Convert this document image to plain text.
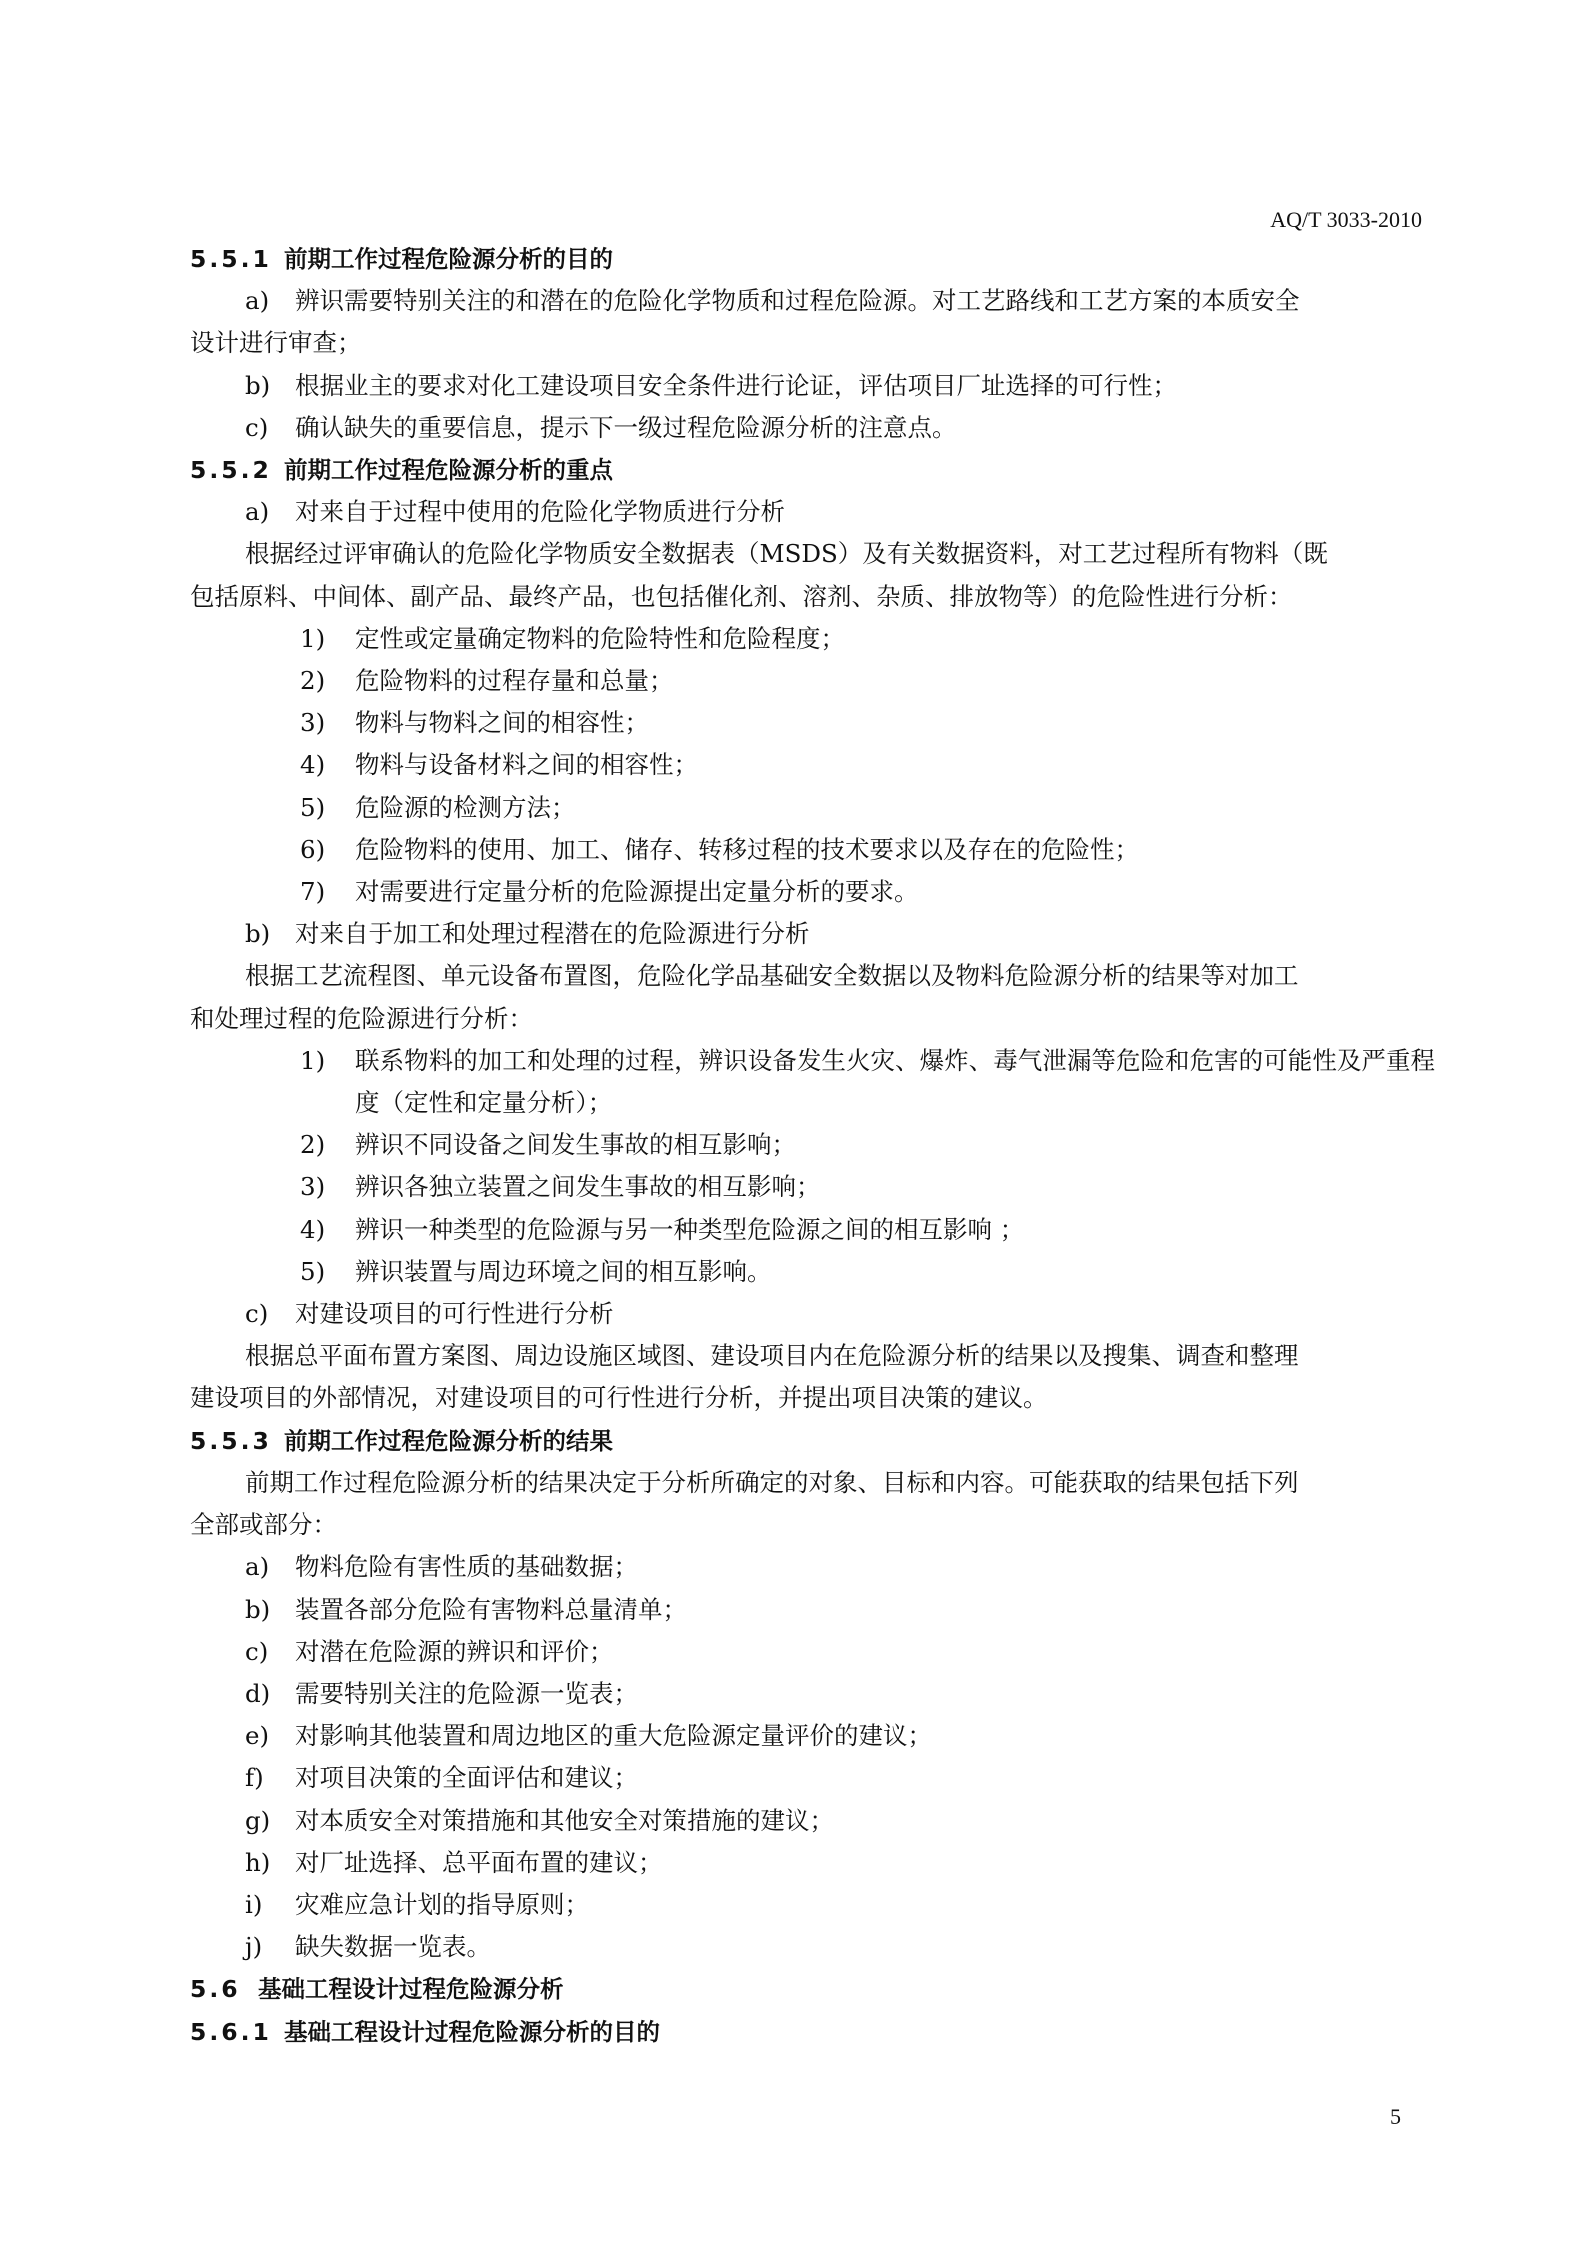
AQ/T 3033-2010
5.5.1 前期工作过程危险源分析的目的
a) 辨识需要特别关注的和潜在的危险化学物质和过程危险源。对工艺路线和工艺方案的本质安全
设计进行审查；
b) 根据业主的要求对化工建设项目安全条件进行论证，评估项目厂址选择的可行性；
c) 确认缺失的重要信息，提示下一级过程危险源分析的注意点。
5.5.2 前期工作过程危险源分析的重点
a) 对来自于过程中使用的危险化学物质进行分析
根据经过评审确认的危险化学物质安全数据表（MSDS）及有关数据资料，对工艺过程所有物料（既
包括原料、中间体、副产品、最终产品，也包括催化剂、溶剂、杂质、排放物等）的危险性进行分析：
1) 定性或定量确定物料的危险特性和危险程度；
2) 危险物料的过程存量和总量；
3) 物料与物料之间的相容性；
4) 物料与设备材料之间的相容性；
5) 危险源的检测方法；
6) 危险物料的使用、加工、储存、转移过程的技术要求以及存在的危险性；
7) 对需要进行定量分析的危险源提出定量分析的要求。
b) 对来自于加工和处理过程潜在的危险源进行分析
根据工艺流程图、单元设备布置图，危险化学品基础安全数据以及物料危险源分析的结果等对加工
和处理过程的危险源进行分析：
1) 联系物料的加工和处理的过程，辨识设备发生火灾、爆炸、毒气泄漏等危险和危害的可能性及严重程度（定性和定量分析）；
2) 辨识不同设备之间发生事故的相互影响；
3) 辨识各独立装置之间发生事故的相互影响；
4) 辨识一种类型的危险源与另一种类型危险源之间的相互影响 ；
5) 辨识装置与周边环境之间的相互影响。
c) 对建设项目的可行性进行分析
根据总平面布置方案图、周边设施区域图、建设项目内在危险源分析的结果以及搜集、调查和整理
建设项目的外部情况，对建设项目的可行性进行分析，并提出项目决策的建议。
5.5.3 前期工作过程危险源分析的结果
前期工作过程危险源分析的结果决定于分析所确定的对象、目标和内容。可能获取的结果包括下列
全部或部分：
a) 物料危险有害性质的基础数据；
b) 装置各部分危险有害物料总量清单；
c) 对潜在危险源的辨识和评价；
d) 需要特别关注的危险源一览表；
e) 对影响其他装置和周边地区的重大危险源定量评价的建议；
f) 对项目决策的全面评估和建议；
g) 对本质安全对策措施和其他安全对策措施的建议；
h) 对厂址选择、总平面布置的建议；
i) 灾难应急计划的指导原则；
j) 缺失数据一览表。
5.6 基础工程设计过程危险源分析
5.6.1 基础工程设计过程危险源分析的目的
5
